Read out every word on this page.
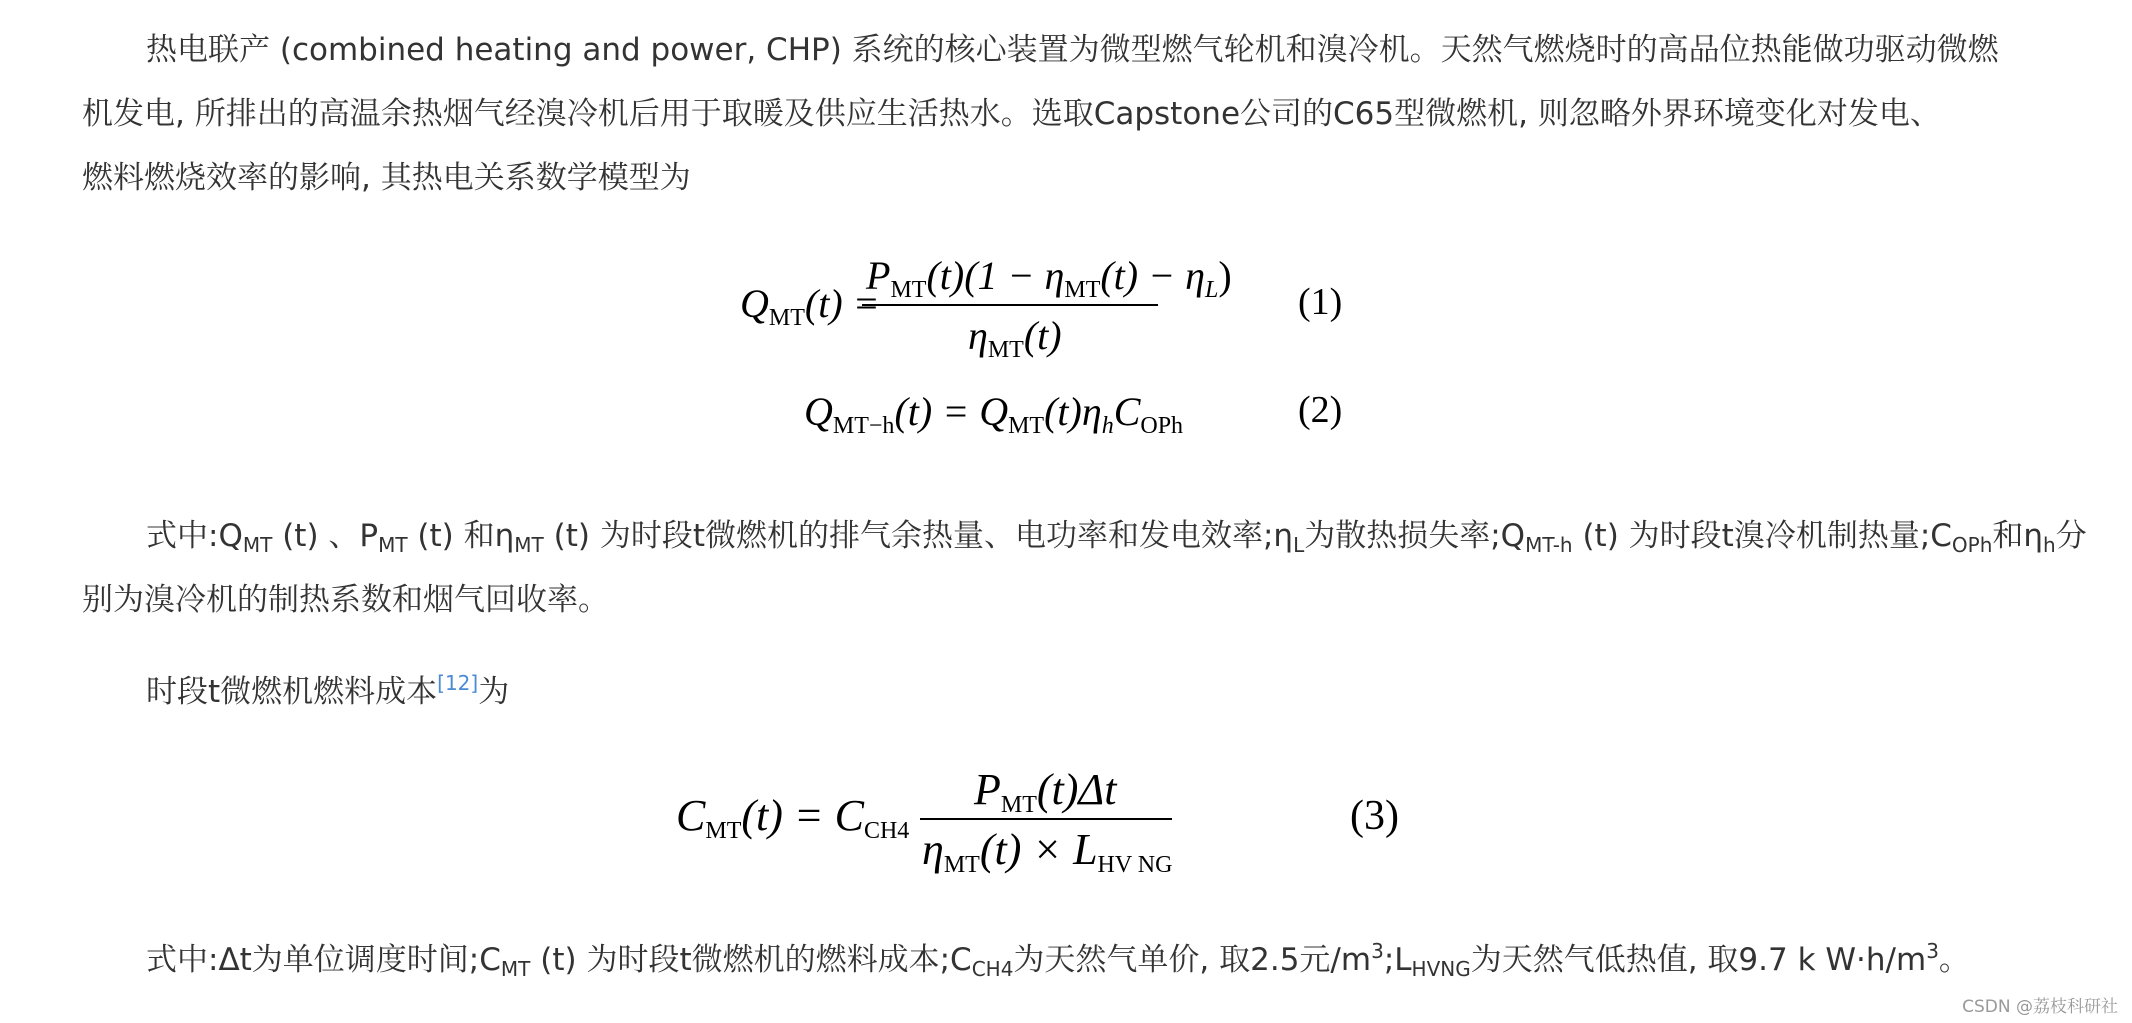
热电联产 (combined heating and power, CHP) 系统的核心装置为微型燃气轮机和溴冷机。天然气燃烧时的高品位热能做功驱动微燃
机发电, 所排出的高温余热烟气经溴冷机后用于取暖及供应生活热水。选取Capstone公司的C65型微燃机, 则忽略外界环境变化对发电、
燃料燃烧效率的影响, 其热电关系数学模型为
$Q_{MT}(t)$ =
$P_{MT}(t)(1 - \eta_{MT}(t) - \eta_L)$
$\eta_{MT}(t)$
(1)
$Q_{MT-h}(t) = Q_{MT}(t)\eta_hC_{OPh}$	(2)
式中$:Q_{MT}$ (t) 、$P_{MT}$ (t) 和$\eta_{MT}$ (t) 为时段t微燃机的排气余热量、电功率和发电效率$;\eta_L$为散热损失率$;Q_{MT-h}$ (t) 为时段t溴冷机制热量$;C_{OPh}$和$\eta_h$分别为溴冷机的制热系数和烟气回收率。
时段t微燃机燃料成本[12]为
CMT(t) = CCH4
PMT(t)Δt
ηMT(t) × LHV NG
(3)
式中:Δt为单位调度时间$;C_{MT}$ (t) 为时段t微燃机的燃料成本$;C_{CH4}$为天然气单价, 取2.5元$/m^3;L_{HVNG}$为天然气低热值, 取9.7 k $W\cdot h/m^3$。
CSDN @荔枝科研社
